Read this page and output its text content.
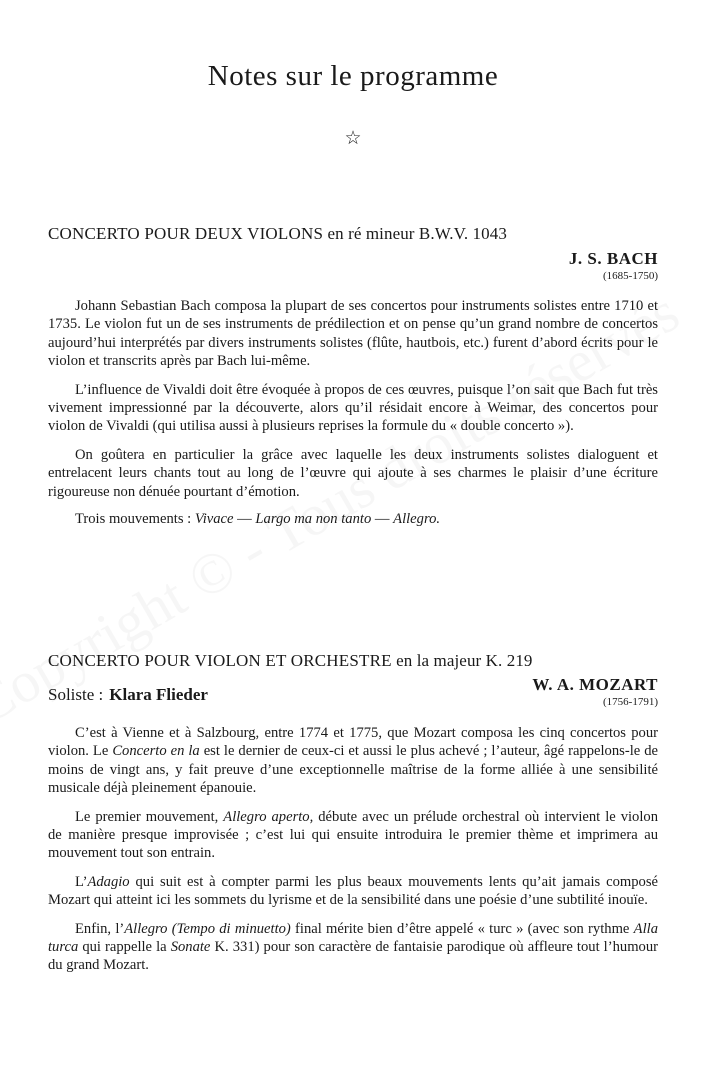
Notes sur le programme
☆

CONCERTO POUR DEUX VIOLONS en ré mineur B.W.V. 1043

J. S. BACH
(1685-1750)

Johann Sebastian Bach composa la plupart de ses concertos pour instruments solistes entre 1710 et 1735. Le violon fut un de ses instruments de prédilection et on pense qu’un grand nombre de concertos aujourd’hui interprétés par divers instruments solistes (flûte, hautbois, etc.) furent d’abord écrits pour le violon et transcrits après par Bach lui-même.

L’influence de Vivaldi doit être évoquée à propos de ces œuvres, puisque l’on sait que Bach fut très vivement impressionné par la découverte, alors qu’il résidait encore à Weimar, des concertos pour violon de Vivaldi (qui utilisa aussi à plusieurs reprises la formule du « double concerto »).

On goûtera en particulier la grâce avec laquelle les deux instruments solistes dialoguent et entrelacent leurs chants tout au long de l’œuvre qui ajoute à ses charmes le plaisir d’une écriture rigoureuse non dénuée pourtant d’émotion.

Trois mouvements : Vivace — Largo ma non tanto — Allegro.

CONCERTO POUR VIOLON ET ORCHESTRE en la majeur K. 219

Soliste : Klara Flieder
W. A. MOZART
(1756-1791)

C’est à Vienne et à Salzbourg, entre 1774 et 1775, que Mozart composa les cinq concertos pour violon. Le Concerto en la est le dernier de ceux-ci et aussi le plus achevé ; l’auteur, âgé rappelons-le de moins de vingt ans, y fait preuve d’une exceptionnelle maîtrise de la forme alliée à une sensibilité musicale déjà pleinement épanouie.

Le premier mouvement, Allegro aperto, débute avec un prélude orchestral où intervient le violon de manière presque improvisée ; c’est lui qui ensuite introduira le premier thème et imprimera au mouvement tout son entrain.

L’Adagio qui suit est à compter parmi les plus beaux mouvements lents qu’ait jamais composé Mozart qui atteint ici les sommets du lyrisme et de la sensibilité dans une poésie d’une subtilité inouïe.

Enfin, l’Allegro (Tempo di minuetto) final mérite bien d’être appelé « turc » (avec son rythme Alla turca qui rappelle la Sonate K. 331) pour son caractère de fantaisie parodique où affleure tout l’humour du grand Mozart.
